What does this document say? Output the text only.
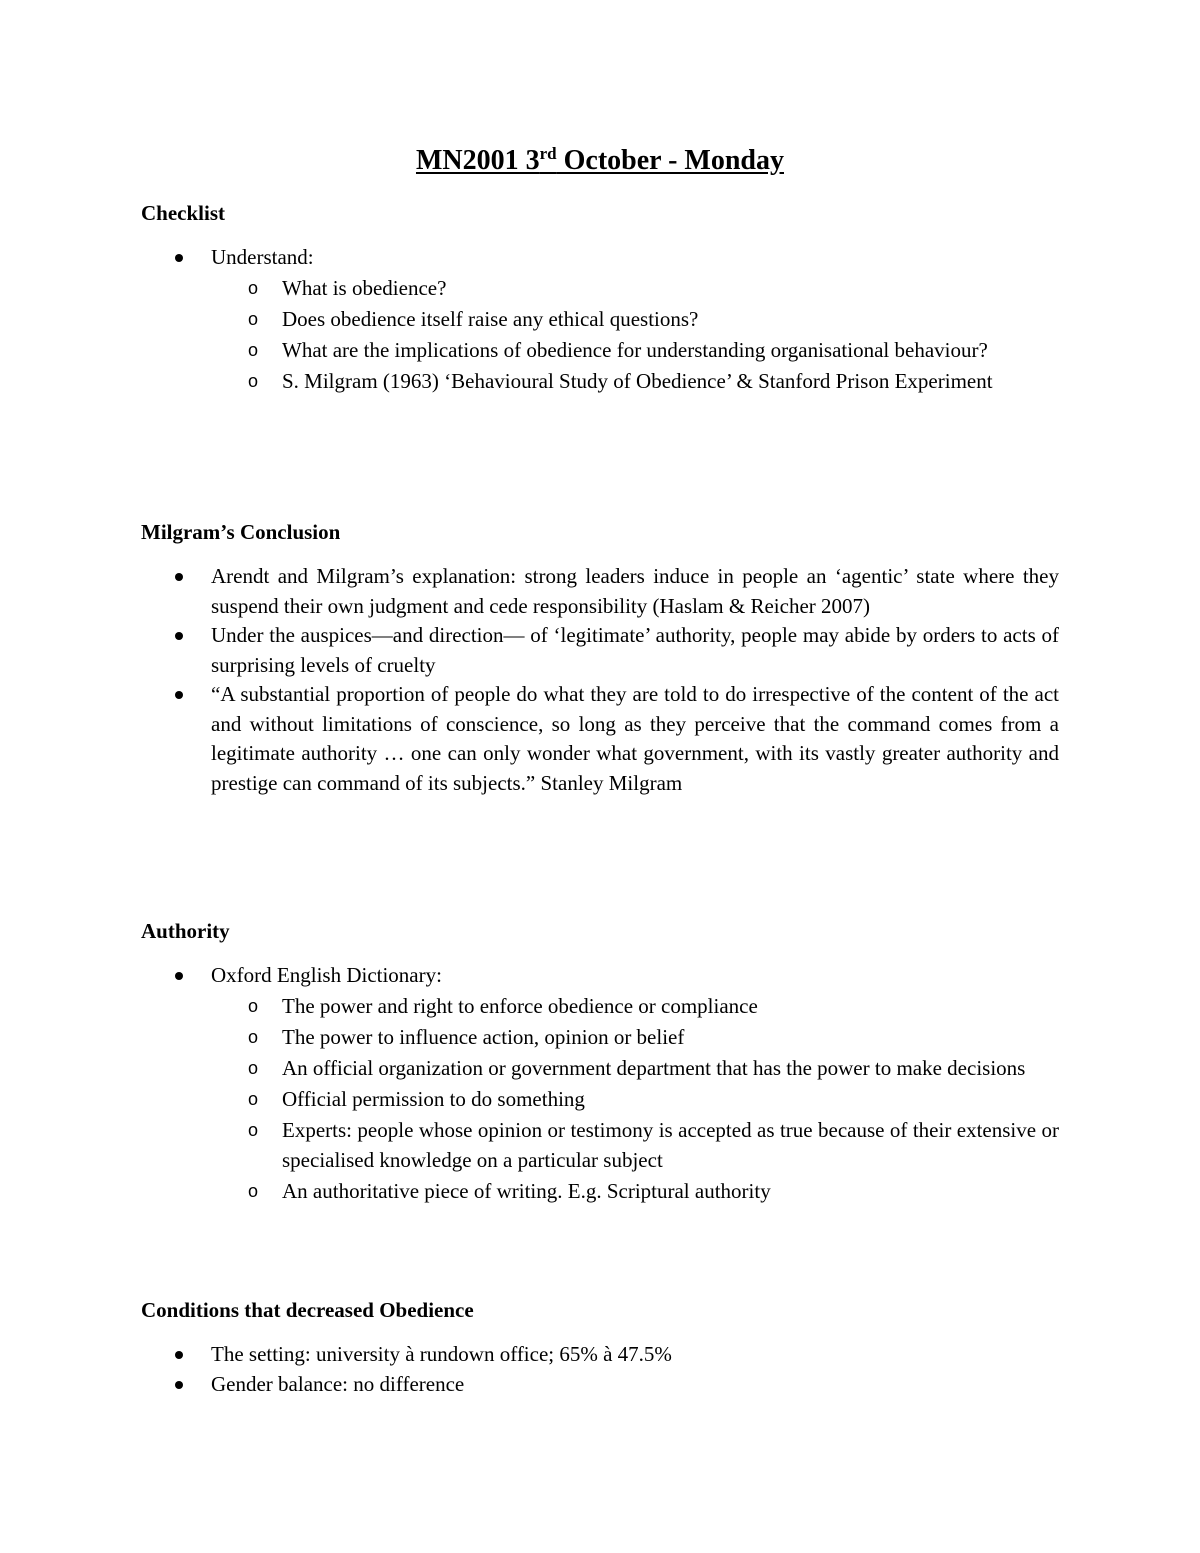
MN2001 3rd October - Monday
Checklist
Understand:
o What is obedience?
o Does obedience itself raise any ethical questions?
o What are the implications of obedience for understanding organisational behaviour?
o S. Milgram (1963) ‘Behavioural Study of Obedience’ & Stanford Prison Experiment
Milgram’s Conclusion
Arendt and Milgram’s explanation: strong leaders induce in people an ‘agentic’ state where they suspend their own judgment and cede responsibility (Haslam & Reicher 2007)
Under the auspices—and direction— of ‘legitimate’ authority, people may abide by orders to acts of surprising levels of cruelty
“A substantial proportion of people do what they are told to do irrespective of the content of the act and without limitations of conscience, so long as they perceive that the command comes from a legitimate authority … one can only wonder what government, with its vastly greater authority and prestige can command of its subjects.” Stanley Milgram
Authority
Oxford English Dictionary:
o The power and right to enforce obedience or compliance
o The power to influence action, opinion or belief
o An official organization or government department that has the power to make decisions
o Official permission to do something
o Experts: people whose opinion or testimony is accepted as true because of their extensive or specialised knowledge on a particular subject
o An authoritative piece of writing. E.g. Scriptural authority
Conditions that decreased Obedience
The setting: university à rundown office; 65% à 47.5%
Gender balance: no difference
